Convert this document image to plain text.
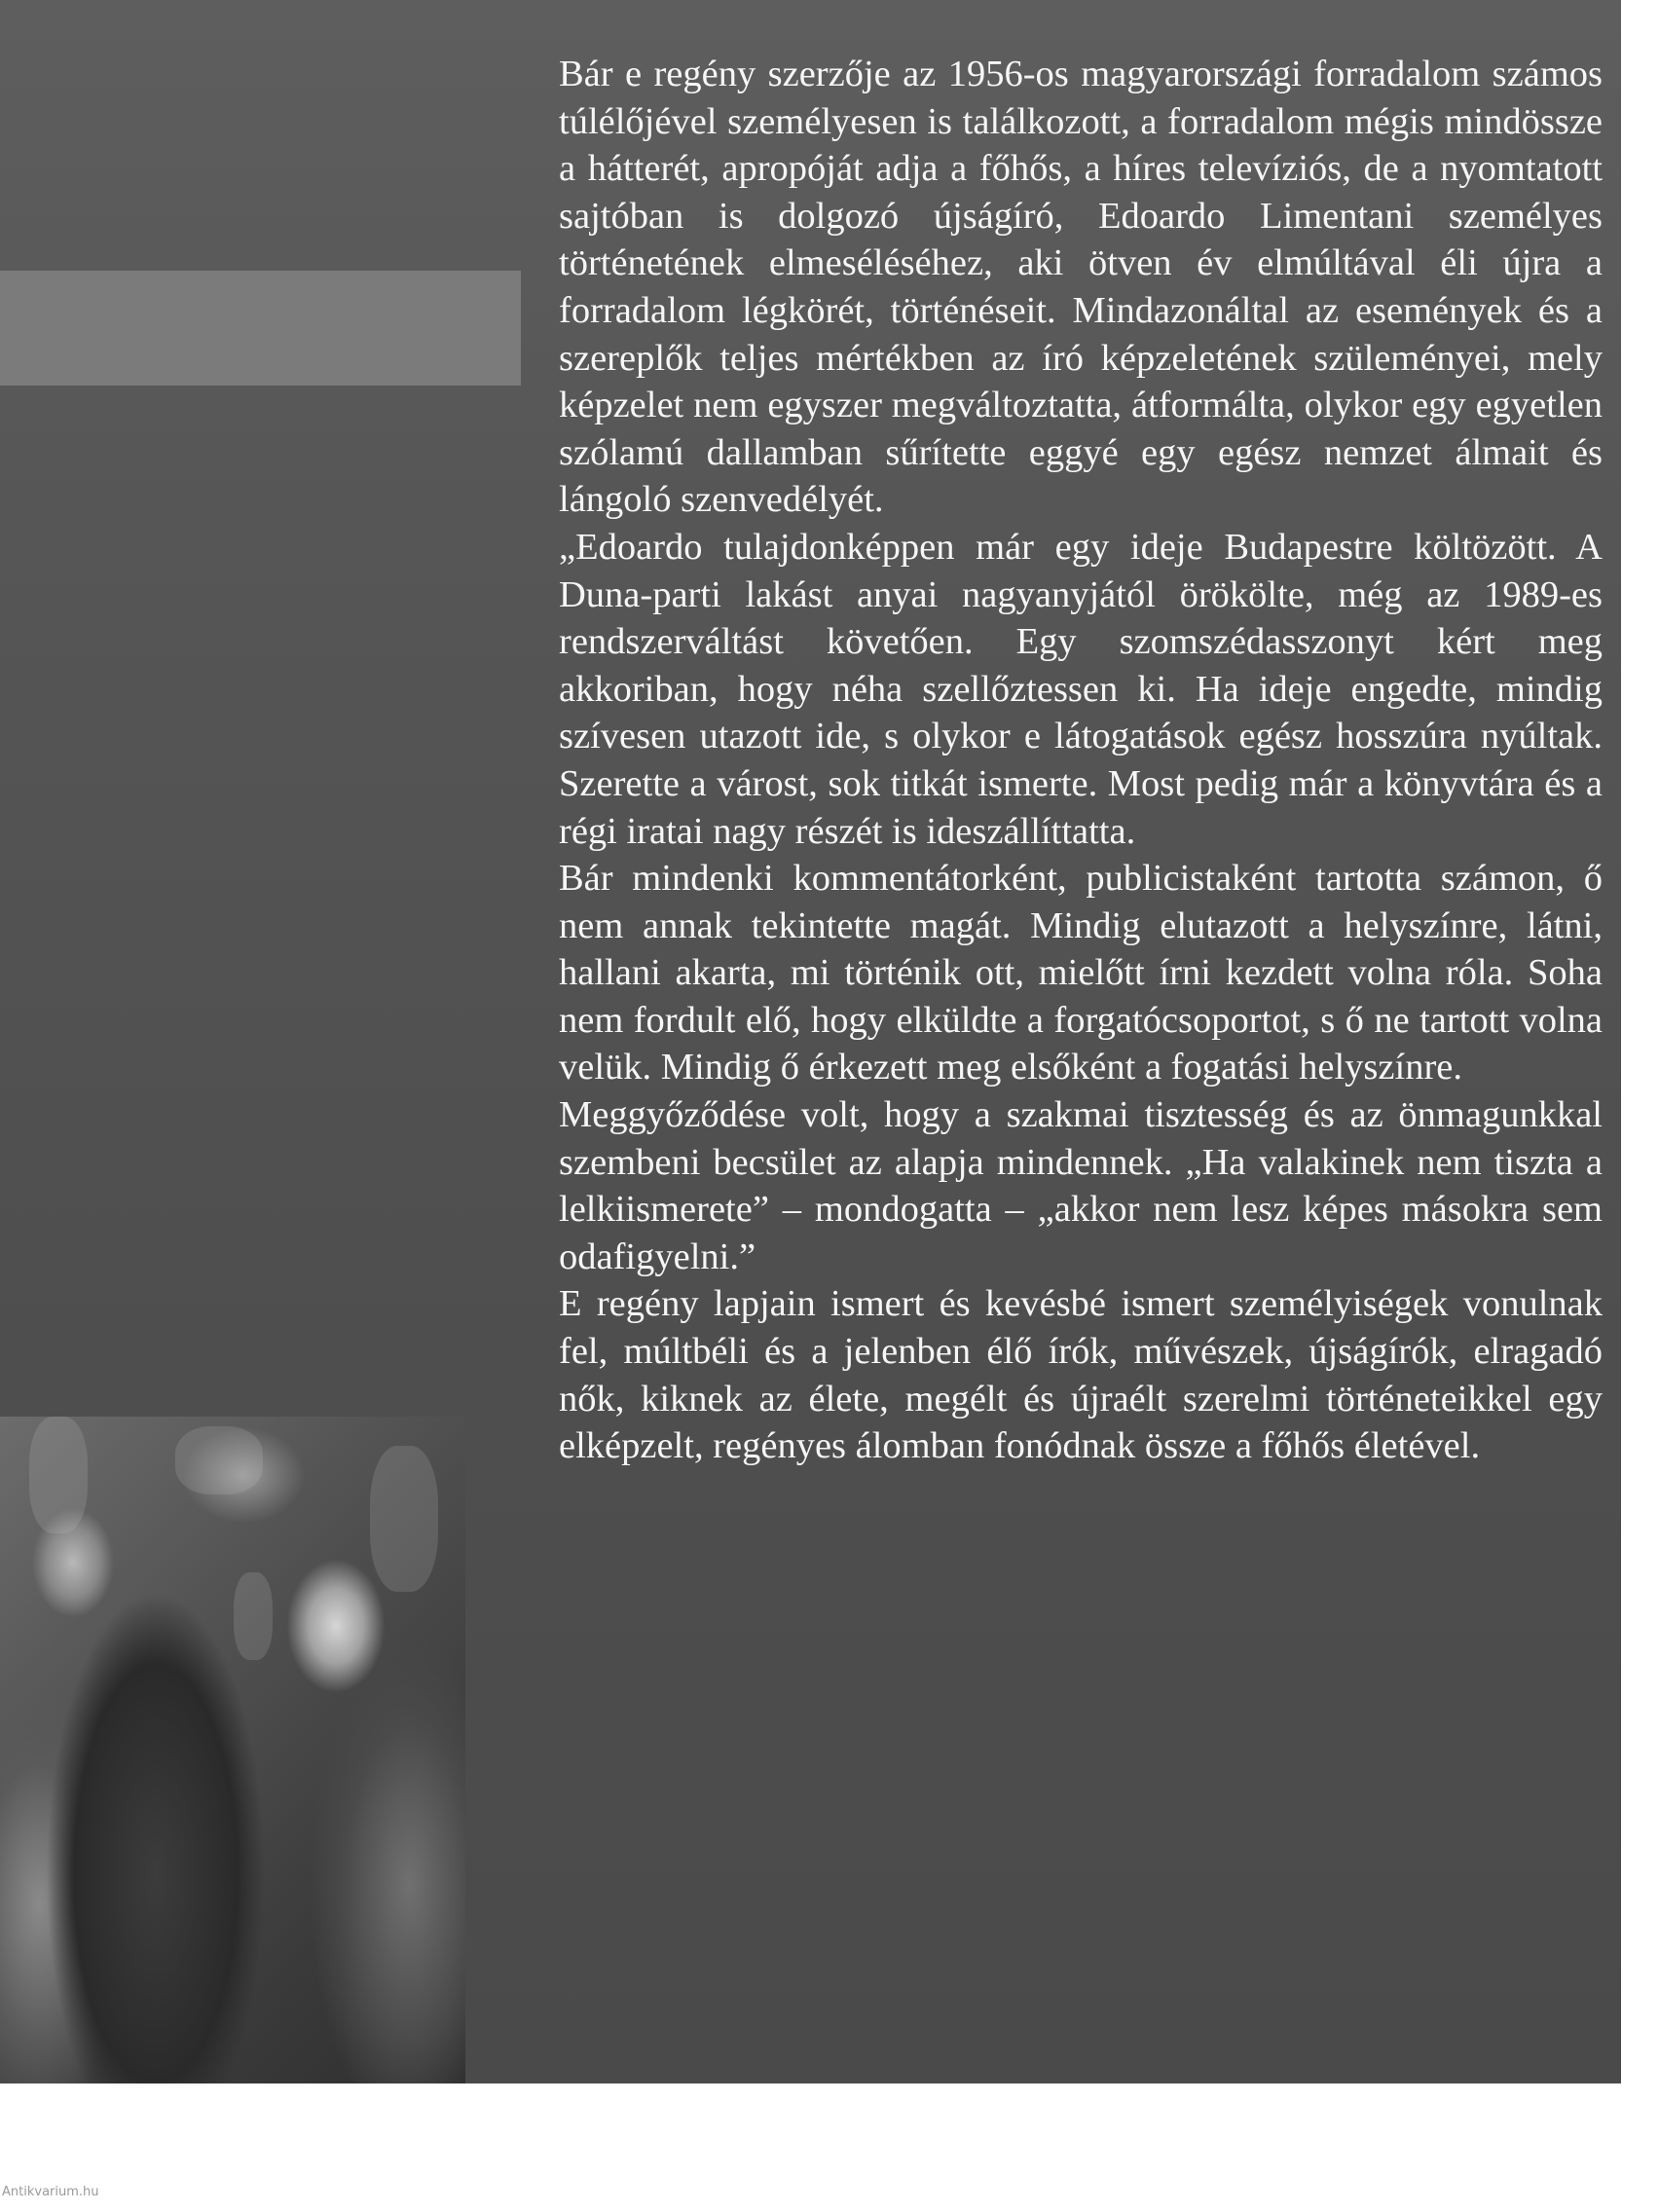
Bár e regény szerzője az 1956-os magyarországi forradalom számos túlélőjével személyesen is találkozott, a forradalom mégis mindössze a hátterét, apropóját adja a főhős, a híres televíziós, de a nyomtatott sajtóban is dolgozó újságíró, Edoardo Limentani személyes történetének elmeséléséhez, aki ötven év elmúltával éli újra a forradalom légkörét, történéseit. Mindazonáltal az események és a szereplők teljes mértékben az író képzeletének szüleményei, mely képzelet nem egyszer megváltoztatta, átformálta, olykor egy egyetlen szólamú dallamban sűrítette eggyé egy egész nemzet álmait és lángoló szenvedélyét.

„Edoardo tulajdonképpen már egy ideje Budapestre költözött. A Duna-parti lakást anyai nagyanyjától örökölte, még az 1989-es rendszerváltást követően. Egy szomszédasszonyt kért meg akkoriban, hogy néha szellőztessen ki. Ha ideje engedte, mindig szívesen utazott ide, s olykor e látogatások egész hosszúra nyúltak. Szerette a várost, sok titkát ismerte. Most pedig már a könyvtára és a régi iratai nagy részét is ideszállíttatta.

Bár mindenki kommentátorként, publicistaként tartotta számon, ő nem annak tekintette magát. Mindig elutazott a helyszínre, látni, hallani akarta, mi történik ott, mielőtt írni kezdett volna róla. Soha nem fordult elő, hogy elküldte a forgatócsoportot, s ő ne tartott volna velük. Mindig ő érkezett meg elsőként a fogatási helyszínre.

Meggyőződése volt, hogy a szakmai tisztesség és az önmagunkkal szembeni becsület az alapja mindennek. „Ha valakinek nem tiszta a lelkiismerete” – mondogatta – „akkor nem lesz képes másokra sem odafigyelni.”

E regény lapjain ismert és kevésbé ismert személyiségek vonulnak fel, múltbéli és a jelenben élő írók, művészek, újságírók, elragadó nők, kiknek az élete, megélt és újraélt szerelmi történeteikkel egy elképzelt, regényes álomban fonódnak össze a főhős életével.

Antikvarium.hu
